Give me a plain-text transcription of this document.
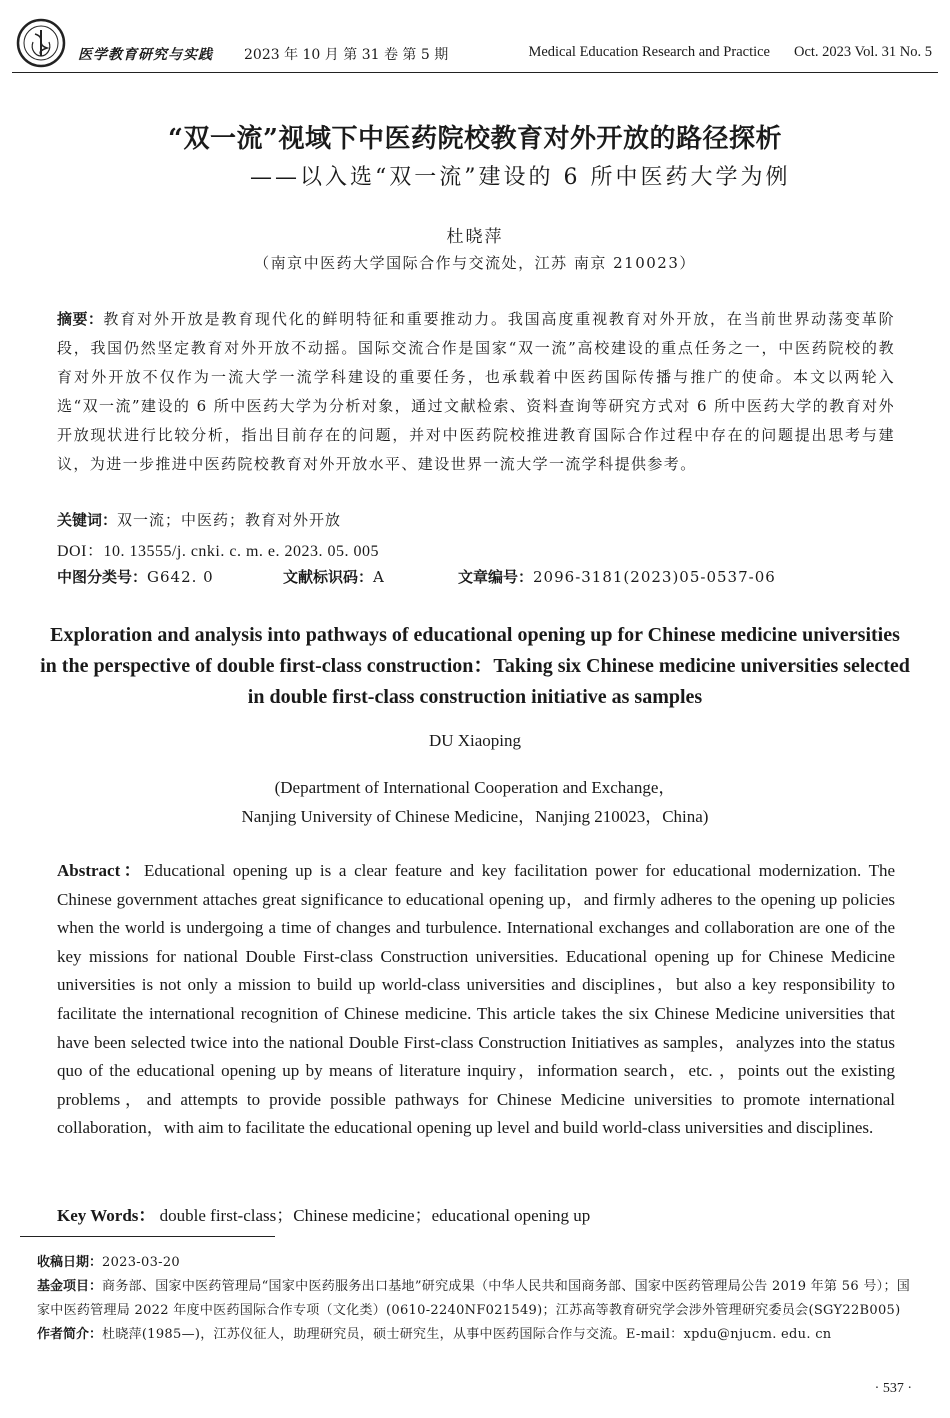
医学教育研究与实践 2023 年 10 月 第 31 卷 第 5 期	Medical Education Research and Practice Oct. 2023 Vol. 31 No. 5
“双一流”视域下中医药院校教育对外开放的路径探析
——以入选“双一流”建设的 6 所中医药大学为例
杜晓萍
（南京中医药大学国际合作与交流处，江苏 南京 210023）
摘要：教育对外开放是教育现代化的鲜明特征和重要推动力。我国高度重视教育对外开放，在当前世界动荡变革阶段，我国仍然坚定教育对外开放不动摇。国际交流合作是国家“双一流”高校建设的重点任务之一，中医药院校的教育对外开放不仅作为一流大学一流学科建设的重要任务，也承载着中医药国际传播与推广的使命。本文以两轮入选“双一流”建设的 6 所中医药大学为分析对象，通过文献检索、资料查询等研究方式对 6 所中医药大学的教育对外开放现状进行比较分析，指出目前存在的问题，并对中医药院校推进教育国际合作过程中存在的问题提出思考与建议，为进一步推进中医药院校教育对外开放水平、建设世界一流大学一流学科提供参考。
关键词：双一流；中医药；教育对外开放
DOI：10. 13555/j. cnki. c. m. e. 2023. 05. 005
中图分类号：G642. 0	文献标识码：A	文章编号：2096-3181(2023)05-0537-06
Exploration and analysis into pathways of educational opening up for Chinese medicine universities in the perspective of double first-class construction：Taking six Chinese medicine universities selected in double first-class construction initiative as samples
DU Xiaoping
(Department of International Cooperation and Exchange，
Nanjing University of Chinese Medicine，Nanjing 210023，China)
Abstract：Educational opening up is a clear feature and key facilitation power for educational modernization. The Chinese government attaches great significance to educational opening up，and firmly adheres to the opening up policies when the world is undergoing a time of changes and turbulence. International exchanges and collaboration are one of the key missions for national Double First-class Construction universities. Educational opening up for Chinese Medicine universities is not only a mission to build up world-class universities and disciplines，but also a key responsibility to facilitate the international recognition of Chinese medicine. This article takes the six Chinese Medicine universities that have been selected twice into the national Double First-class Construction Initiatives as samples，analyzes into the status quo of the educational opening up by means of literature inquiry，information search，etc. ，points out the existing problems，and attempts to provide possible pathways for Chinese Medicine universities to promote international collaboration，with aim to facilitate the educational opening up level and build world-class universities and disciplines.
Key Words： double first-class；Chinese medicine；educational opening up

收稿日期：2023-03-20

基金项目：商务部、国家中医药管理局“国家中医药服务出口基地”研究成果（中华人民共和国商务部、国家中医药管理局公告 2019 年第 56 号）；国家中医药管理局 2022 年度中医药国际合作专项（文化类）(0610-2240NF021549)；江苏高等教育研究学会涉外管理研究委员会(SGY22B005)

作者简介：杜晓萍(1985—)，江苏仪征人，助理研究员，硕士研究生，从事中医药国际合作与交流。E-mail：xpdu@njucm. edu. cn

· 537 ·
